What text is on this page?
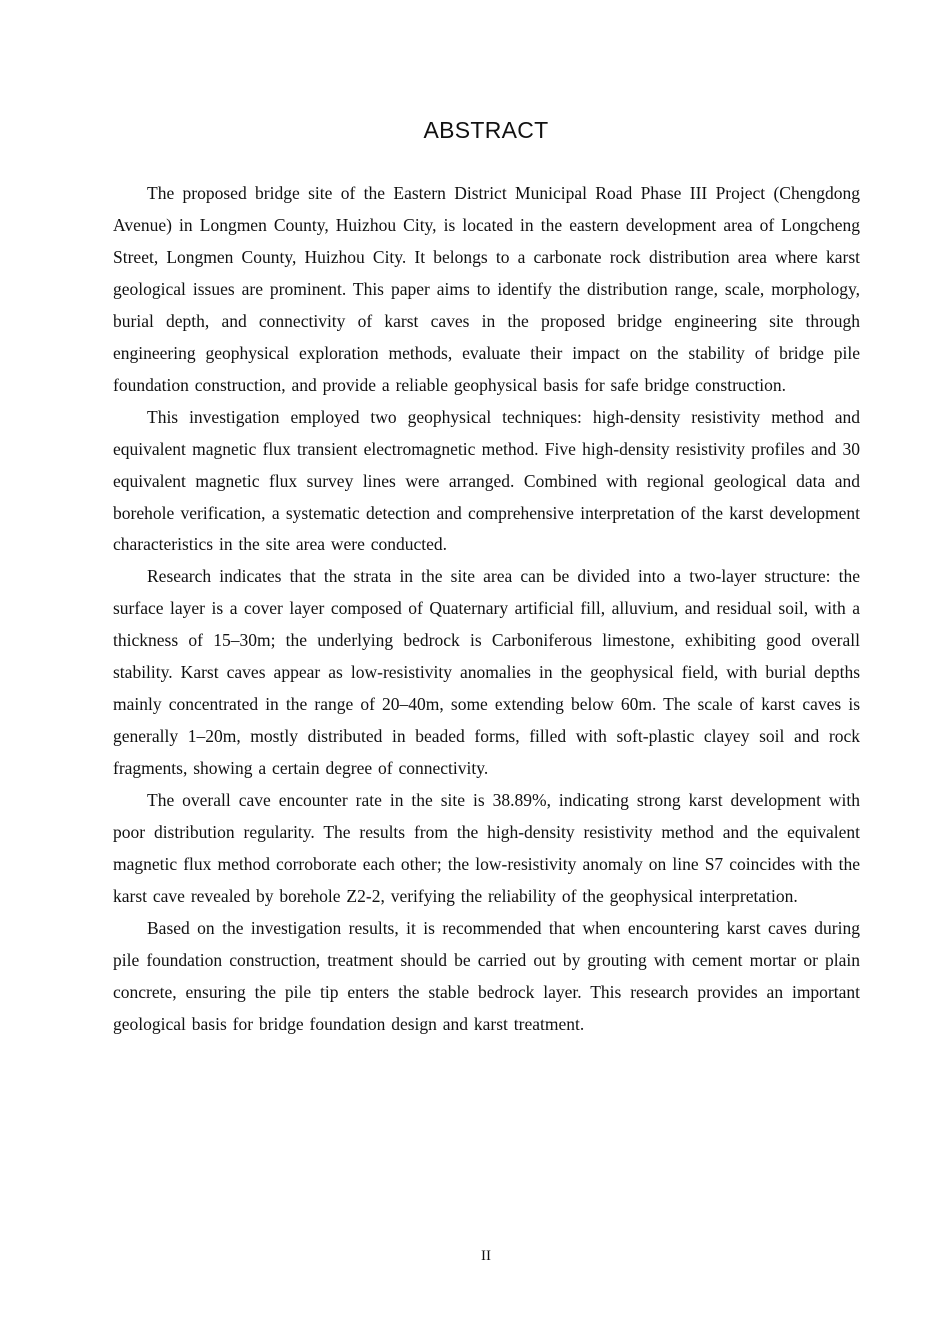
ABSTRACT

The proposed bridge site of the Eastern District Municipal Road Phase III Project (Chengdong Avenue) in Longmen County, Huizhou City, is located in the eastern development area of Longcheng Street, Longmen County, Huizhou City. It belongs to a carbonate rock distribution area where karst geological issues are prominent. This paper aims to identify the distribution range, scale, morphology, burial depth, and connectivity of karst caves in the proposed bridge engineering site through engineering geophysical exploration methods, evaluate their impact on the stability of bridge pile foundation construction, and provide a reliable geophysical basis for safe bridge construction.

This investigation employed two geophysical techniques: high-density resistivity method and equivalent magnetic flux transient electromagnetic method. Five high-density resistivity profiles and 30 equivalent magnetic flux survey lines were arranged. Combined with regional geological data and borehole verification, a systematic detection and comprehensive interpretation of the karst development characteristics in the site area were conducted.

Research indicates that the strata in the site area can be divided into a two-layer structure: the surface layer is a cover layer composed of Quaternary artificial fill, alluvium, and residual soil, with a thickness of 15–30m; the underlying bedrock is Carboniferous limestone, exhibiting good overall stability. Karst caves appear as low-resistivity anomalies in the geophysical field, with burial depths mainly concentrated in the range of 20–40m, some extending below 60m. The scale of karst caves is generally 1–20m, mostly distributed in beaded forms, filled with soft-plastic clayey soil and rock fragments, showing a certain degree of connectivity.

The overall cave encounter rate in the site is 38.89%, indicating strong karst development with poor distribution regularity. The results from the high-density resistivity method and the equivalent magnetic flux method corroborate each other; the low-resistivity anomaly on line S7 coincides with the karst cave revealed by borehole Z2-2, verifying the reliability of the geophysical interpretation.

Based on the investigation results, it is recommended that when encountering karst caves during pile foundation construction, treatment should be carried out by grouting with cement mortar or plain concrete, ensuring the pile tip enters the stable bedrock layer. This research provides an important geological basis for bridge foundation design and karst treatment.

II
